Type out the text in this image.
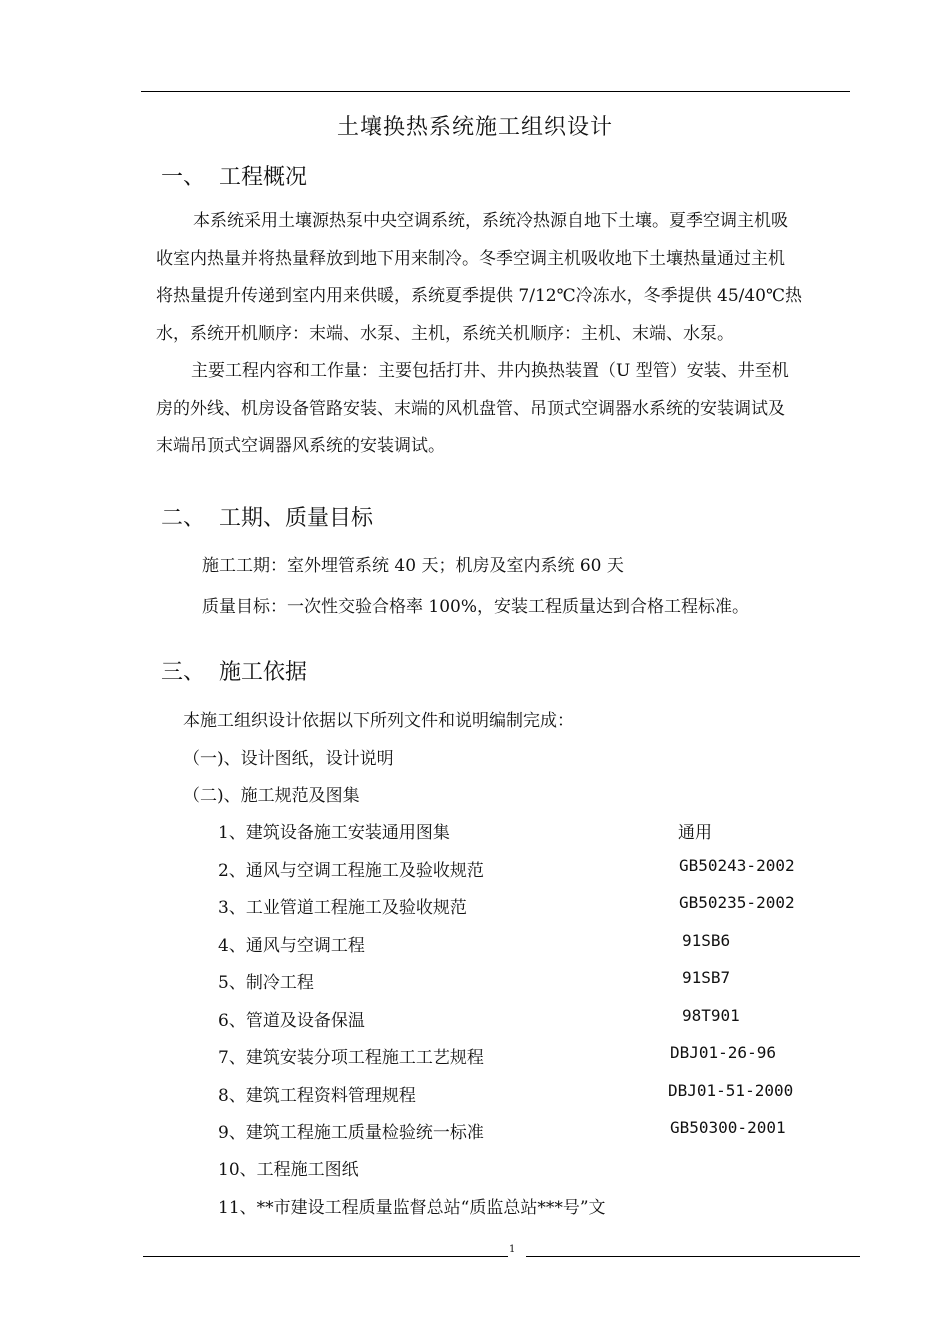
土壤换热系统施工组织设计
一、 工程概况
本系统采用土壤源热泵中央空调系统，系统冷热源自地下土壤。夏季空调主机吸
收室内热量并将热量释放到地下用来制冷。冬季空调主机吸收地下土壤热量通过主机
将热量提升传递到室内用来供暖，系统夏季提供 7/12℃冷冻水，冬季提供 45/40℃热
水，系统开机顺序：末端、水泵、主机，系统关机顺序：主机、末端、水泵。
主要工程内容和工作量：主要包括打井、井内换热装置（U 型管）安装、井至机
房的外线、机房设备管路安装、末端的风机盘管、吊顶式空调器水系统的安装调试及
末端吊顶式空调器风系统的安装调试。
二、 工期、质量目标
施工工期：室外埋管系统 40 天；机房及室内系统 60 天
质量目标：一次性交验合格率 100%，安装工程质量达到合格工程标准。
三、 施工依据
本施工组织设计依据以下所列文件和说明编制完成：
（一)、设计图纸，设计说明
（二)、施工规范及图集
1、建筑设备施工安装通用图集	通用
2、通风与空调工程施工及验收规范	GB50243-2002
3、工业管道工程施工及验收规范	GB50235-2002
4、通风与空调工程	91SB6
5、制冷工程	91SB7
6、管道及设备保温	98T901
7、建筑安装分项工程施工工艺规程	DBJ01-26-96
8、建筑工程资料管理规程	DBJ01-51-2000
9、建筑工程施工质量检验统一标准	GB50300-2001
10、工程施工图纸
11、**市建设工程质量监督总站“质监总站***号”文
1
